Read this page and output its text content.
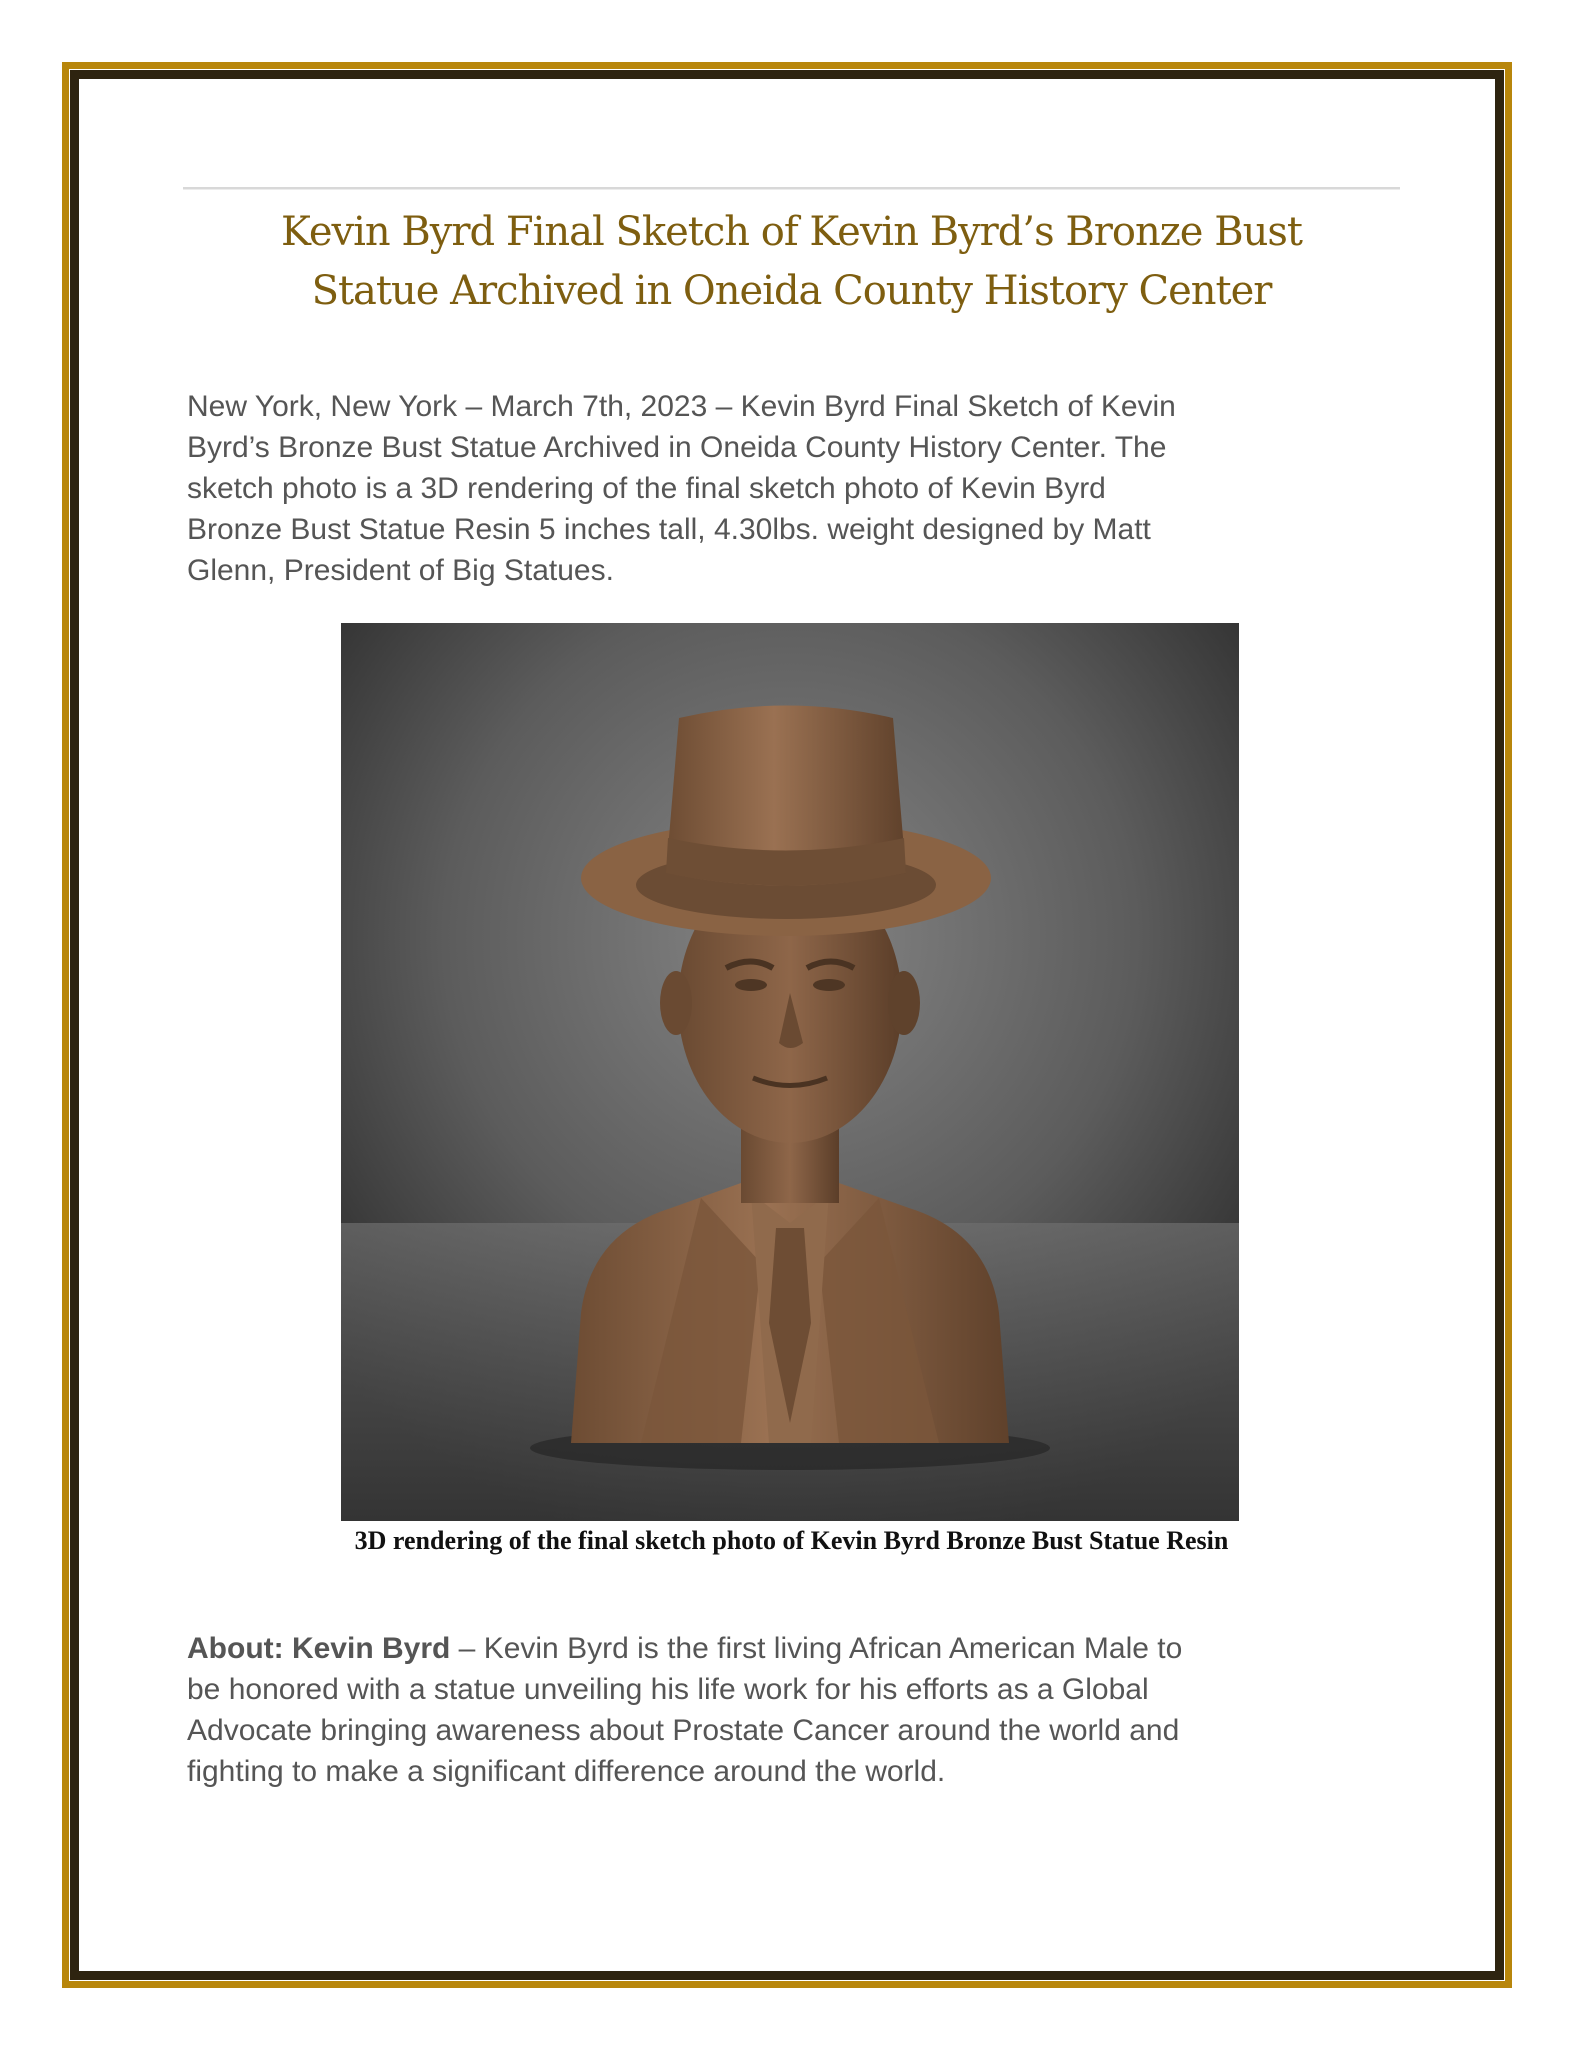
Kevin Byrd Final Sketch of Kevin Byrd’s Bronze Bust
Statue Archived in Oneida County History Center

New York, New York – March 7th, 2023 – Kevin Byrd Final Sketch of Kevin
Byrd’s Bronze Bust Statue Archived in Oneida County History Center. The
sketch photo is a 3D rendering of the final sketch photo of Kevin Byrd
Bronze Bust Statue Resin 5 inches tall, 4.30lbs. weight designed by Matt
Glenn, President of Big Statues.

3D rendering of the final sketch photo of Kevin Byrd Bronze Bust Statue Resin

About: Kevin Byrd – Kevin Byrd is the first living African American Male to
be honored with a statue unveiling his life work for his efforts as a Global
Advocate bringing awareness about Prostate Cancer around the world and
fighting to make a significant difference around the world.
